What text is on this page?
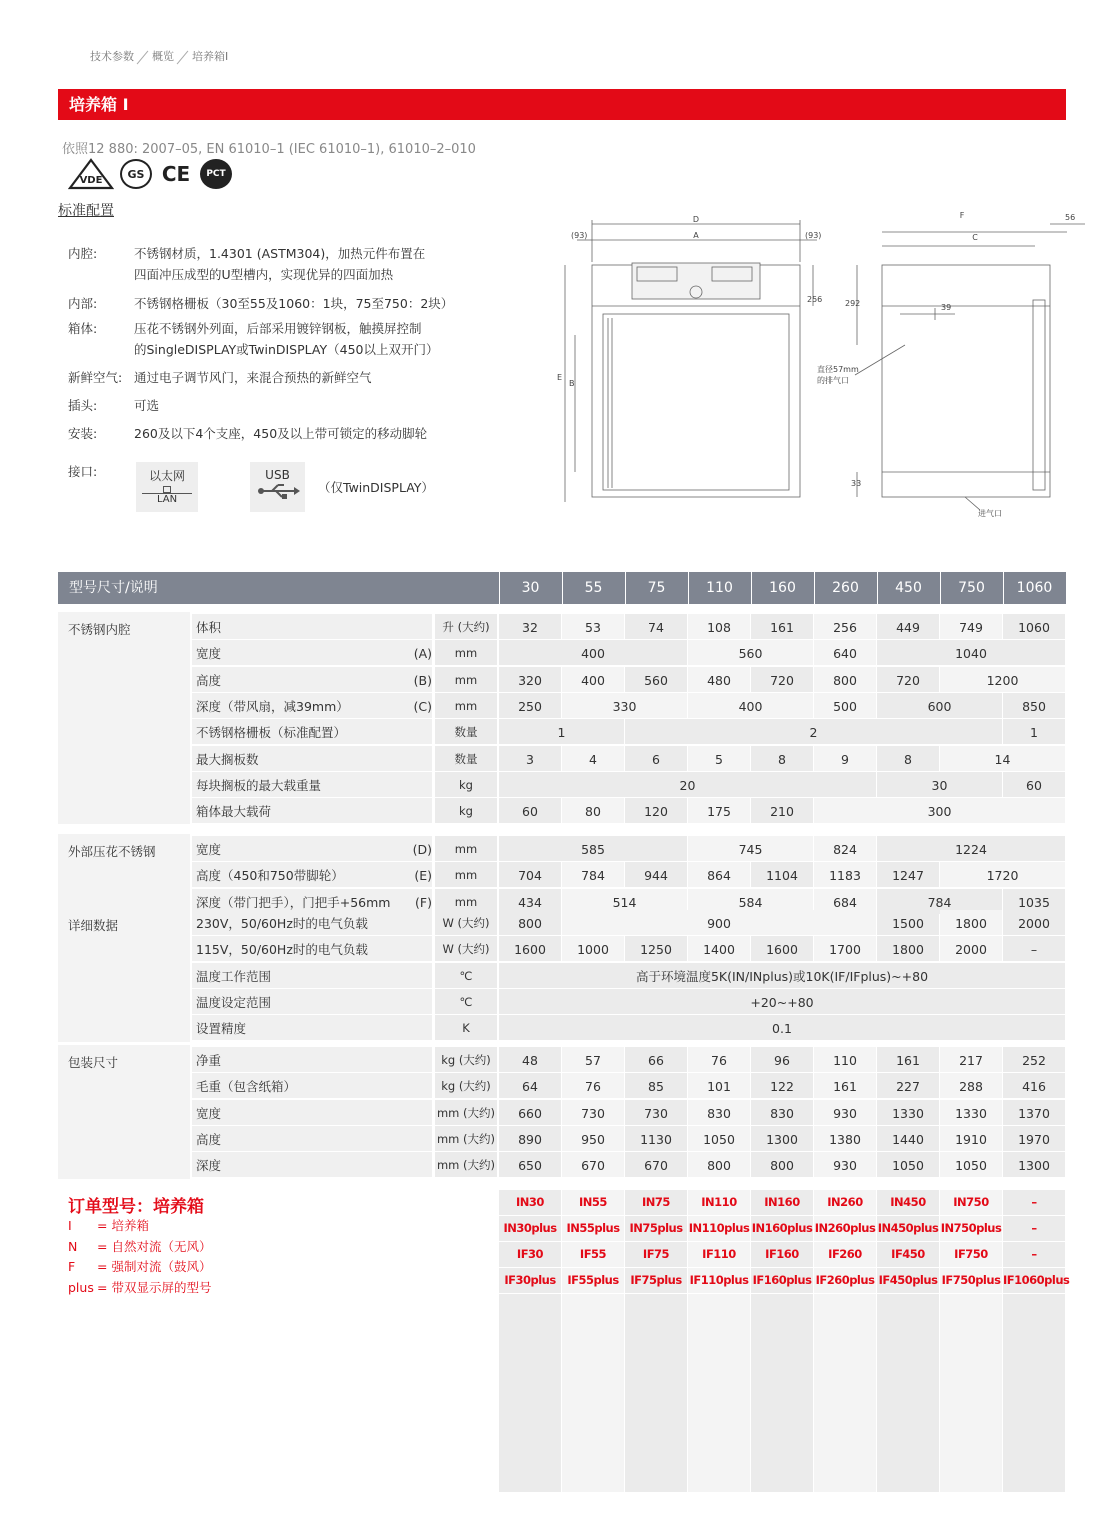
技术参数 概览 培养箱I
培养箱 I
依照12 880: 2007–05, EN 61010–1 (IEC 61010–1), 61010–2–010
VDE	GS CE	PCT
标准配置
内腔:	不锈钢材质，1.4301 (ASTM304)，加热元件布置在
四面冲压成型的U型槽内，实现优异的四面加热
内部:	不锈钢格栅板（30至55及1060：1块，75至750：2块）
箱体:	压花不锈钢外列面，后部采用镀锌钢板，触摸屏控制
的SingleDISPLAY或TwinDISPLAY（450以上双开门）
新鲜空气: 通过电子调节风门，来混合预热的新鲜空气
插头:	可选
安装:	260及以下4个支座，450及以上带可锁定的移动脚轮
接口:	以太网
LAN
USB
（仅TwinDISPLAY）
D
A
(93)	(93)
B
E
256
F
C
56
292	39
33
直径57mm
的排气口
进气口
型号尺寸/说明	30	55	75	110	160	260	450	750	1060
不锈钢内腔	体积	升 (大约)	32	53	74	108	161	256	449	749	1060
宽度	(A)	mm	400	560	640	1040
高度	(B)	mm	320	400	560	480	720	800	720	1200
深度（带风扇，减39mm）	(C)	mm	250	330	400	500	600	850
不锈钢格栅板（标准配置）	数量	1	2	1
最大搁板数	数量	3	4	6	5	8	9	8	14
每块搁板的最大载重量	kg	20	30	60
箱体最大载荷	kg	60	80	120	175	210	300
外部压花不锈钢	宽度	(D)	mm	585	745	824	1224
高度（450和750带脚轮）	(E)	mm	704	784	944	864	1104	1183	1247	1720
深度（带门把手），门把手+56mm	(F)	mm	434	514	584	684	784	1035
详细数据	230V，50/60Hz时的电气负载	W (大约)	800	900	1500	1800	2000
115V，50/60Hz时的电气负载	W (大约)	1600	1000	1250	1400	1600	1700	1800	2000	–
温度工作范围	℃	高于环境温度5K(IN/INplus)或10K(IF/IFplus)~+80
温度设定范围	℃	+20~+80
设置精度	K	0.1
包装尺寸	净重	kg (大约)	48	57	66	76	96	110	161	217	252
毛重（包含纸箱）	kg (大约)	64	76	85	101	122	161	227	288	416
宽度	mm (大约)	660	730	730	830	830	930	1330	1330	1370
高度	mm (大约)	890	950	1130	1050	1300	1380	1440	1910	1970
深度	mm (大约)	650	670	670	800	800	930	1050	1050	1300
IN30	IN55	IN75	IN110	IN160	IN260	IN450	IN750	–
IN30plus IN55plus IN75plus IN110plus IN160plus IN260plus IN450plus IN750plus	–
IF30	IF55	IF75	IF110	IF160	IF260	IF450	IF750	–
IF30plus	IF55plus	IF75plus IF110plus IF160plus IF260plus IF450plus IF750plus IF1060plus
订单型号：培养箱
I = 培养箱
N = 自然对流（无风）
F = 强制对流（鼓风）
plus = 带双显示屏的型号
